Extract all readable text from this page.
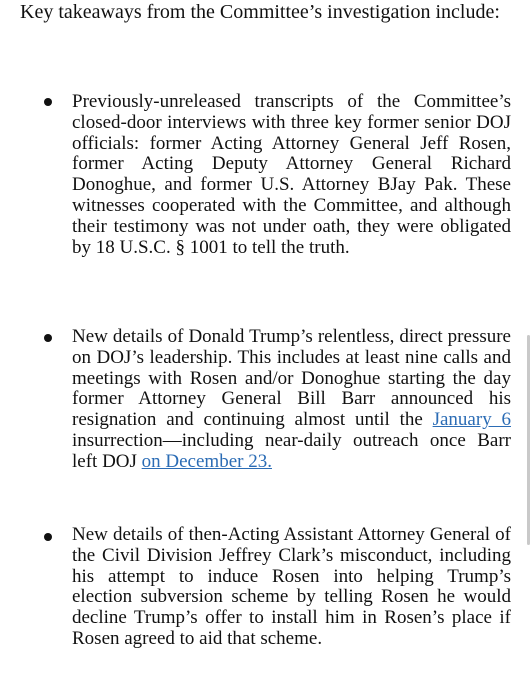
Key takeaways from the Committee’s investigation include:
Previously-unreleased transcripts of the Committee’s closed-door interviews with three key former senior DOJ officials: former Acting Attorney General Jeff Rosen, former Acting Deputy Attorney General Richard Donoghue, and former U.S. Attorney BJay Pak. These witnesses cooperated with the Committee, and although their testimony was not under oath, they were obligated by 18 U.S.C. § 1001 to tell the truth.
New details of Donald Trump’s relentless, direct pressure on DOJ’s leadership. This includes at least nine calls and meetings with Rosen and/or Donoghue starting the day former Attorney General Bill Barr announced his resignation and continuing almost until the January 6 insurrection—including near-daily outreach once Barr left DOJ on December 23.
New details of then-Acting Assistant Attorney General of the Civil Division Jeffrey Clark’s misconduct, including his attempt to induce Rosen into helping Trump’s election subversion scheme by telling Rosen he would decline Trump’s offer to install him in Rosen’s place if Rosen agreed to aid that scheme.
